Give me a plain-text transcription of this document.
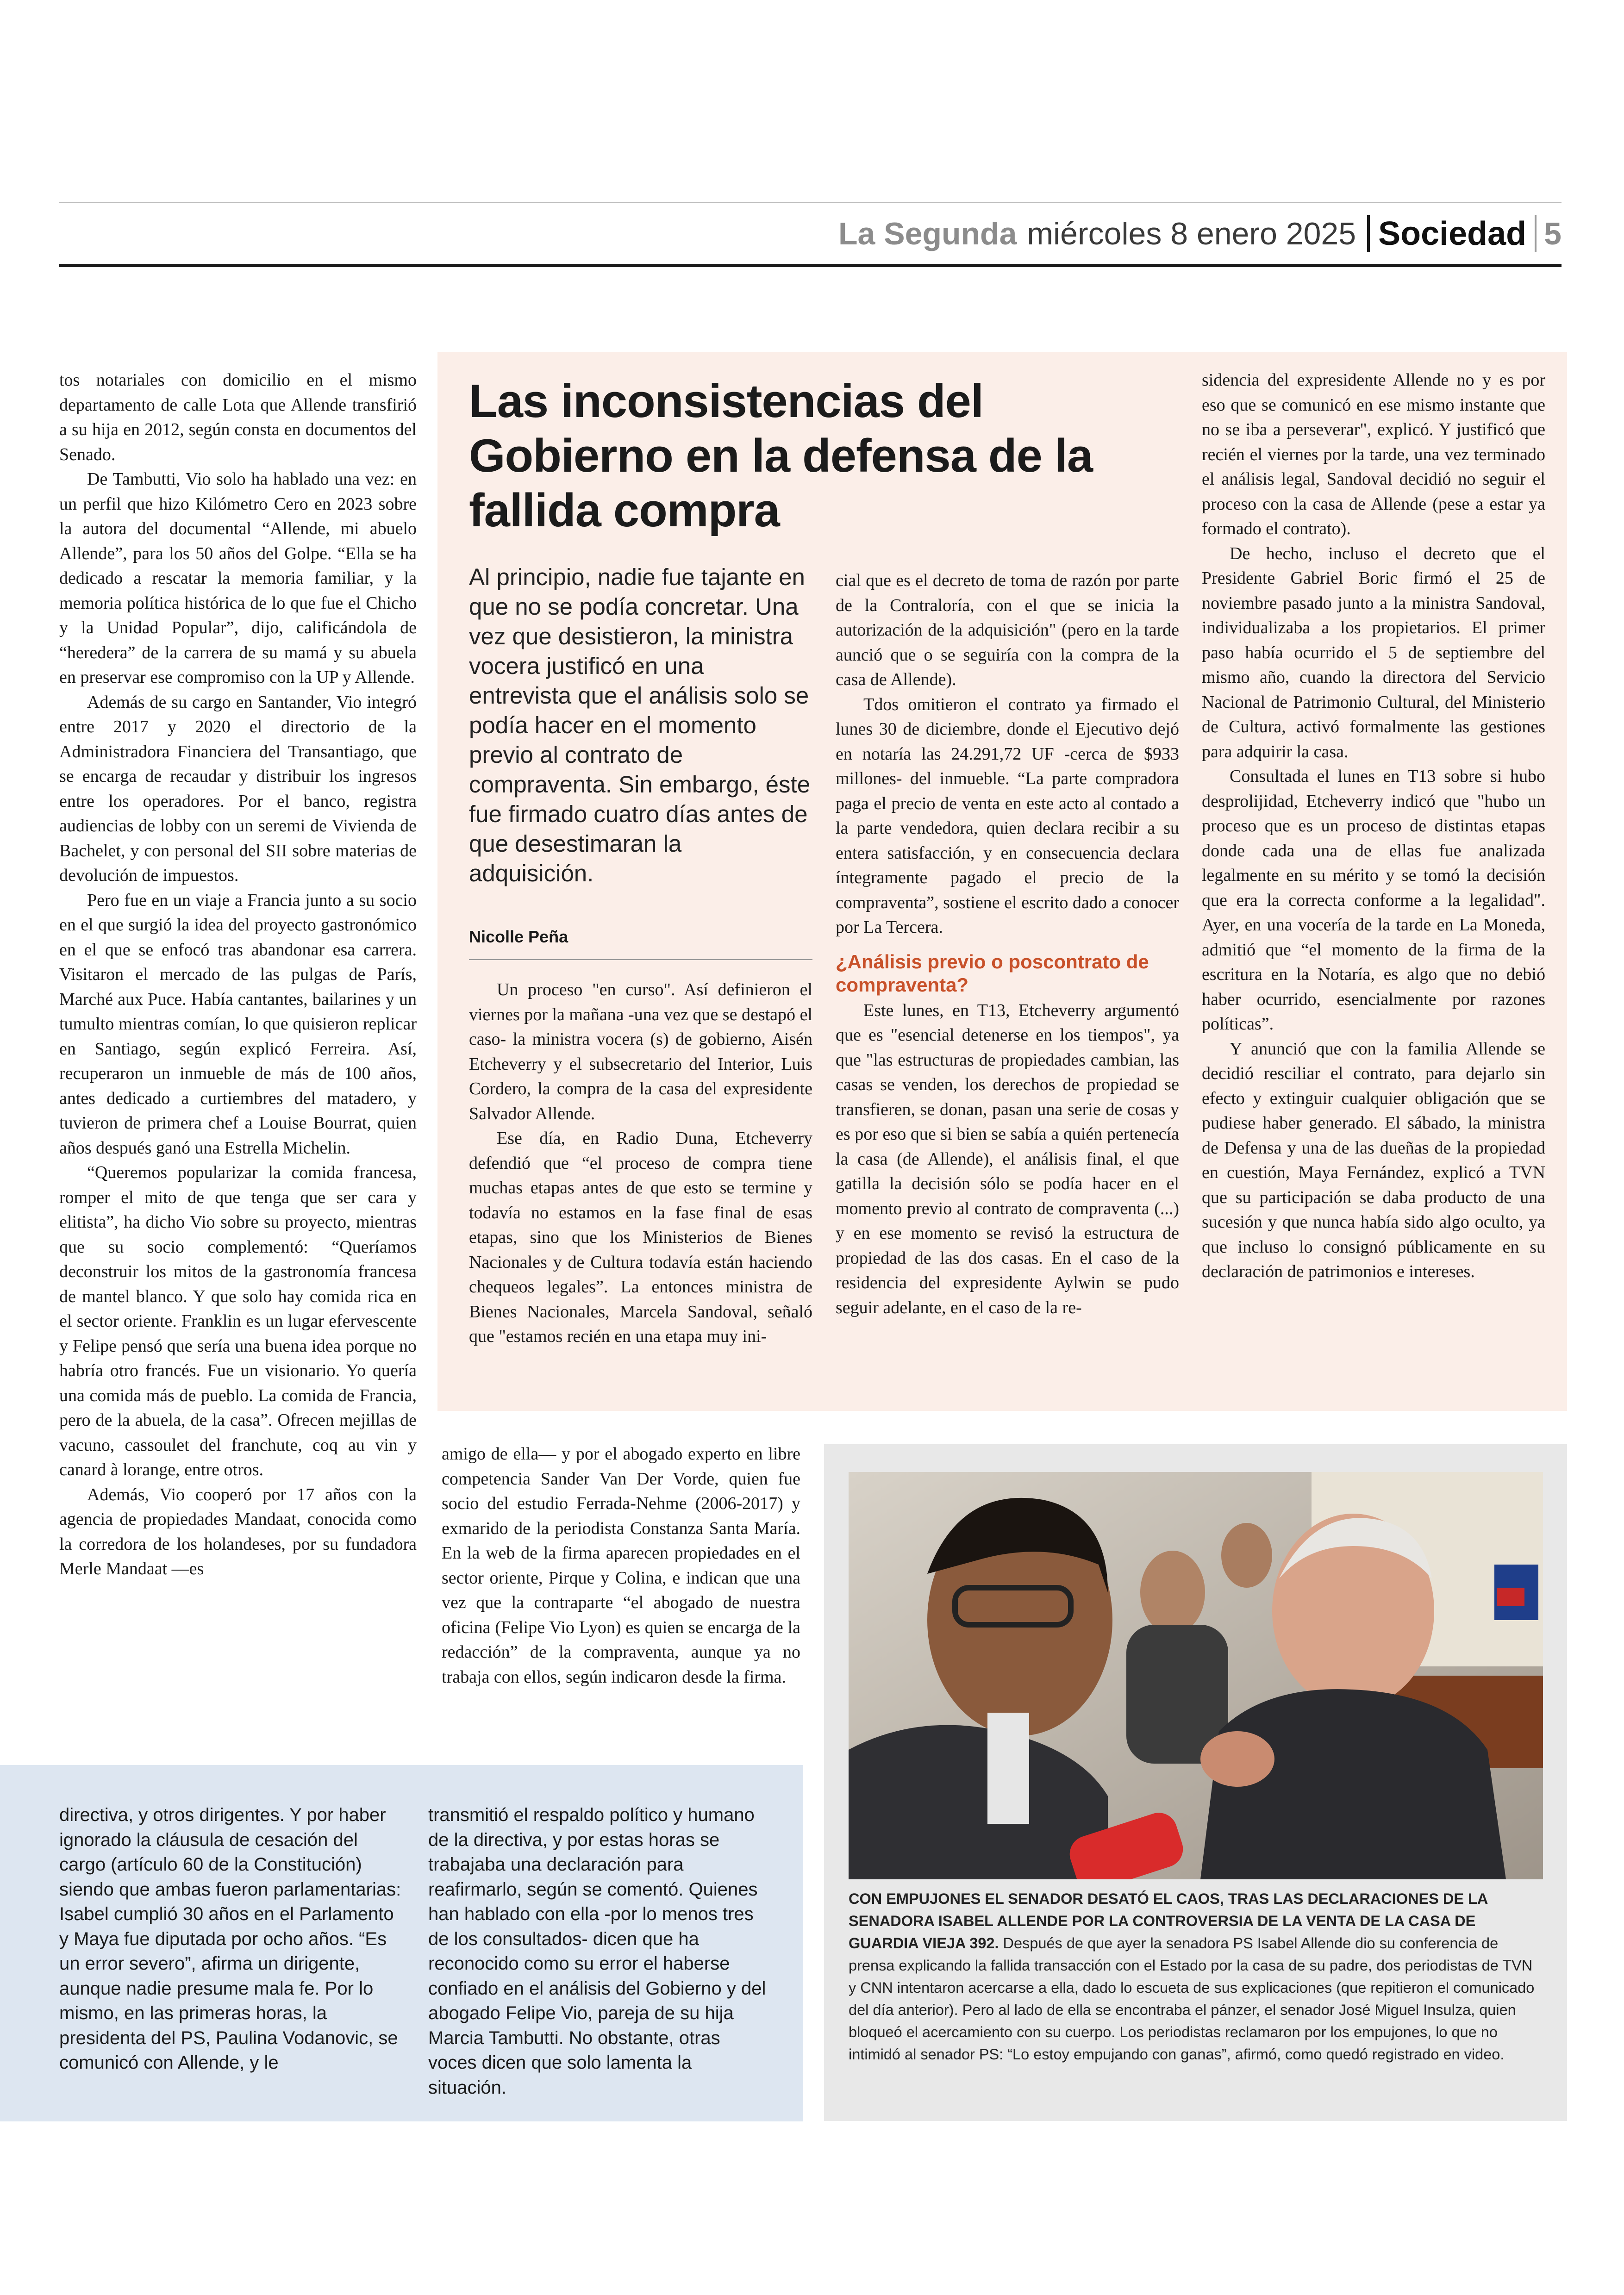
La Segunda miércoles 8 enero 2025 Sociedad 5

tos notariales con domicilio en el mismo departamento de calle Lota que Allende transfirió a su hija en 2012, según consta en documentos del Senado.

De Tambutti, Vio solo ha hablado una vez: en un perfil que hizo Kilómetro Cero en 2023 sobre la autora del documental “Allende, mi abuelo Allende”, para los 50 años del Golpe. “Ella se ha dedicado a rescatar la memoria familiar, y la memoria política histórica de lo que fue el Chicho y la Unidad Popular”, dijo, calificándola de “heredera” de la carrera de su mamá y su abuela en preservar ese compromiso con la UP y Allende.

Además de su cargo en Santander, Vio integró entre 2017 y 2020 el directorio de la Administradora Financiera del Transantiago, que se encarga de recaudar y distribuir los ingresos entre los operadores. Por el banco, registra audiencias de lobby con un seremi de Vivienda de Bachelet, y con personal del SII sobre materias de devolución de impuestos.

Pero fue en un viaje a Francia junto a su socio en el que surgió la idea del proyecto gastronómico en el que se enfocó tras abandonar esa carrera. Visitaron el mercado de las pulgas de París, Marché aux Puce. Había cantantes, bailarines y un tumulto mientras comían, lo que quisieron replicar en Santiago, según explicó Ferreira. Así, recuperaron un inmueble de más de 100 años, antes dedicado a curtiembres del matadero, y tuvieron de primera chef a Louise Bourrat, quien años después ganó una Estrella Michelin.

“Queremos popularizar la comida francesa, romper el mito de que tenga que ser cara y elitista”, ha dicho Vio sobre su proyecto, mientras que su socio complementó: “Queríamos deconstruir los mitos de la gastronomía francesa de mantel blanco. Y que solo hay comida rica en el sector oriente. Franklin es un lugar efervescente y Felipe pensó que sería una buena idea porque no habría otro francés. Fue un visionario. Yo quería una comida más de pueblo. La comida de Francia, pero de la abuela, de la casa”. Ofrecen mejillas de vacuno, cassoulet del franchute, coq au vin y canard à lorange, entre otros.

Además, Vio cooperó por 17 años con la agencia de propiedades Mandaat, conocida como la corredora de los holandeses, por su fundadora Merle Mandaat —es

Las inconsistencias del Gobierno en la defensa de la fallida compra
Al principio, nadie fue tajante en que no se podía concretar. Una vez que desistieron, la ministra vocera justificó en una entrevista que el análisis solo se podía hacer en el momento previo al contrato de compraventa. Sin embargo, éste fue firmado cuatro días antes de que desestimaran la adquisición.
Nicolle Peña

Un proceso "en curso". Así definieron el viernes por la mañana -una vez que se destapó el caso- la ministra vocera (s) de gobierno, Aisén Etcheverry y el subsecretario del Interior, Luis Cordero, la compra de la casa del expresidente Salvador Allende.

Ese día, en Radio Duna, Etcheverry defendió que “el proceso de compra tiene muchas etapas antes de que esto se termine y todavía no estamos en la fase final de esas etapas, sino que los Ministerios de Bienes Nacionales y de Cultura todavía están haciendo chequeos legales”. La entonces ministra de Bienes Nacionales, Marcela Sandoval, señaló que "estamos recién en una etapa muy ini-

cial que es el decreto de toma de razón por parte de la Contraloría, con el que se inicia la autorización de la adquisición" (pero en la tarde aunció que o se seguiría con la compra de la casa de Allende).

Tdos omitieron el contrato ya firmado el lunes 30 de diciembre, donde el Ejecutivo dejó en notaría las 24.291,72 UF -cerca de $933 millones- del inmueble. “La parte compradora paga el precio de venta en este acto al contado a la parte vendedora, quien declara recibir a su entera satisfacción, y en consecuencia declara íntegramente pagado el precio de la compraventa”, sostiene el escrito dado a conocer por La Tercera.

¿Análisis previo o poscontrato de compraventa?

Este lunes, en T13, Etcheverry argumentó que es "esencial detenerse en los tiempos", ya que "las estructuras de propiedades cambian, las casas se venden, los derechos de propiedad se transfieren, se donan, pasan una serie de cosas y es por eso que si bien se sabía a quién pertenecía la casa (de Allende), el análisis final, el que gatilla la decisión sólo se podía hacer en el momento previo al contrato de compraventa (...) y en ese momento se revisó la estructura de propiedad de las dos casas. En el caso de la residencia del expresidente Aylwin se pudo seguir adelante, en el caso de la re-

sidencia del expresidente Allende no y es por eso que se comunicó en ese mismo instante que no se iba a perseverar", explicó. Y justificó que recién el viernes por la tarde, una vez terminado el análisis legal, Sandoval decidió no seguir el proceso con la casa de Allende (pese a estar ya formado el contrato).

De hecho, incluso el decreto que el Presidente Gabriel Boric firmó el 25 de noviembre pasado junto a la ministra Sandoval, individualizaba a los propietarios. El primer paso había ocurrido el 5 de septiembre del mismo año, cuando la directora del Servicio Nacional de Patrimonio Cultural, del Ministerio de Cultura, activó formalmente las gestiones para adquirir la casa.

Consultada el lunes en T13 sobre si hubo desprolijidad, Etcheverry indicó que "hubo un proceso que es un proceso de distintas etapas donde cada una de ellas fue analizada legalmente en su mérito y se tomó la decisión que era la correcta conforme a la legalidad". Ayer, en una vocería de la tarde en La Moneda, admitió que “el momento de la firma de la escritura en la Notaría, es algo que no debió haber ocurrido, esencialmente por razones políticas”.

Y anunció que con la familia Allende se decidió resciliar el contrato, para dejarlo sin efecto y extinguir cualquier obligación que se pudiese haber generado. El sábado, la ministra de Defensa y una de las dueñas de la propiedad en cuestión, Maya Fernández, explicó a TVN que su participación se daba producto de una sucesión y que nunca había sido algo oculto, ya que incluso lo consignó públicamente en su declaración de patrimonios e intereses.

amigo de ella— y por el abogado experto en libre competencia Sander Van Der Vorde, quien fue socio del estudio Ferrada-Nehme (2006-2017) y exmarido de la periodista Constanza Santa María. En la web de la firma aparecen propiedades en el sector oriente, Pirque y Colina, e indican que una vez que la contraparte “el abogado de nuestra oficina (Felipe Vio Lyon) es quien se encarga de la redacción” de la compraventa, aunque ya no trabaja con ellos, según indicaron desde la firma.

CON EMPUJONES EL SENADOR DESATÓ EL CAOS, TRAS LAS DECLARACIONES DE LA SENADORA ISABEL ALLENDE POR LA CONTROVERSIA DE LA VENTA DE LA CASA DE GUARDIA VIEJA 392. Después de que ayer la senadora PS Isabel Allende dio su conferencia de prensa explicando la fallida transacción con el Estado por la casa de su padre, dos periodistas de TVN y CNN intentaron acercarse a ella, dado lo escueta de sus explicaciones (que repitieron el comunicado del día anterior). Pero al lado de ella se encontraba el pánzer, el senador José Miguel Insulza, quien bloqueó el acercamiento con su cuerpo. Los periodistas reclamaron por los empujones, lo que no intimidó al senador PS: “Lo estoy empujando con ganas”, afirmó, como quedó registrado en video.
directiva, y otros dirigentes. Y por haber ignorado la cláusula de cesación del cargo (artículo 60 de la Constitución) siendo que ambas fueron parlamentarias: Isabel cumplió 30 años en el Parlamento y Maya fue diputada por ocho años. “Es un error severo”, afirma un dirigente, aunque nadie presume mala fe. Por lo mismo, en las primeras horas, la presidenta del PS, Paulina Vodanovic, se comunicó con Allende, y le
transmitió el respaldo político y humano de la directiva, y por estas horas se trabajaba una declaración para reafirmarlo, según se comentó. Quienes han hablado con ella -por lo menos tres de los consultados- dicen que ha reconocido como su error el haberse confiado en el análisis del Gobierno y del abogado Felipe Vio, pareja de su hija Marcia Tambutti. No obstante, otras voces dicen que solo lamenta la situación.
